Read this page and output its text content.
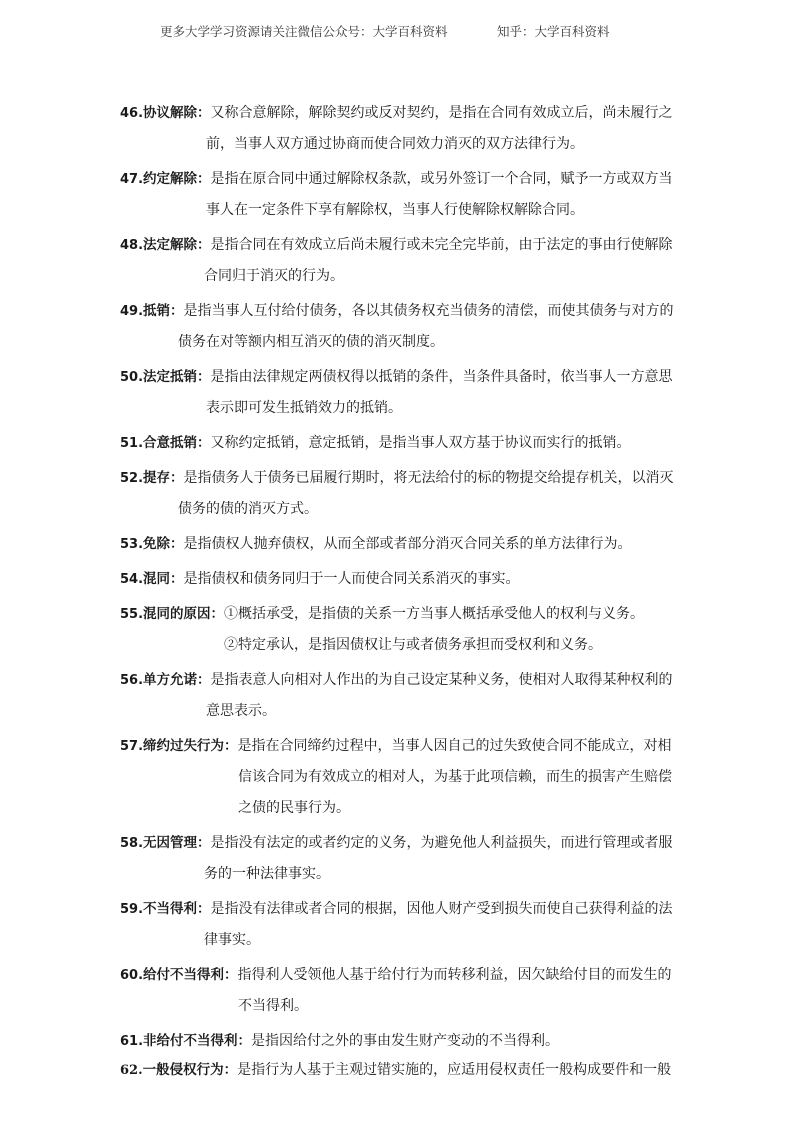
更多大学学习资源请关注微信公众号：大学百科资料	知乎：大学百科资料
46.协议解除：又称合意解除，解除契约或反对契约，是指在合同有效成立后，尚未履行之
前，当事人双方通过协商而使合同效力消灭的双方法律行为。
47.约定解除：是指在原合同中通过解除权条款，或另外签订一个合同，赋予一方或双方当
事人在一定条件下享有解除权，当事人行使解除权解除合同。
48.法定解除：是指合同在有效成立后尚未履行或未完全完毕前，由于法定的事由行使解除
合同归于消灭的行为。
49.抵销：是指当事人互付给付债务，各以其债务权充当债务的清偿，而使其债务与对方的
债务在对等额内相互消灭的债的消灭制度。
50.法定抵销：是指由法律规定两债权得以抵销的条件，当条件具备时，依当事人一方意思
表示即可发生抵销效力的抵销。
51.合意抵销：又称约定抵销，意定抵销，是指当事人双方基于协议而实行的抵销。
52.提存：是指债务人于债务已届履行期时，将无法给付的标的物提交给提存机关，以消灭
债务的债的消灭方式。
53.免除：是指债权人抛弃债权，从而全部或者部分消灭合同关系的单方法律行为。
54.混同：是指债权和债务同归于一人而使合同关系消灭的事实。
55.混同的原因：①概括承受，是指债的关系一方当事人概括承受他人的权利与义务。
②特定承认，是指因债权让与或者债务承担而受权利和义务。
56.单方允诺：是指表意人向相对人作出的为自己设定某种义务，使相对人取得某种权利的
意思表示。
57.缔约过失行为：是指在合同缔约过程中，当事人因自己的过失致使合同不能成立，对相
信该合同为有效成立的相对人，为基于此项信赖，而生的损害产生赔偿
之债的民事行为。
58.无因管理：是指没有法定的或者约定的义务，为避免他人利益损失，而进行管理或者服
务的一种法律事实。
59.不当得利：是指没有法律或者合同的根据，因他人财产受到损失而使自己获得利益的法
律事实。
60.给付不当得利：指得利人受领他人基于给付行为而转移利益，因欠缺给付目的而发生的
不当得利。
61.非给付不当得利：是指因给付之外的事由发生财产变动的不当得利。
62.一般侵权行为：是指行为人基于主观过错实施的，应适用侵权责任一般构成要件和一般
